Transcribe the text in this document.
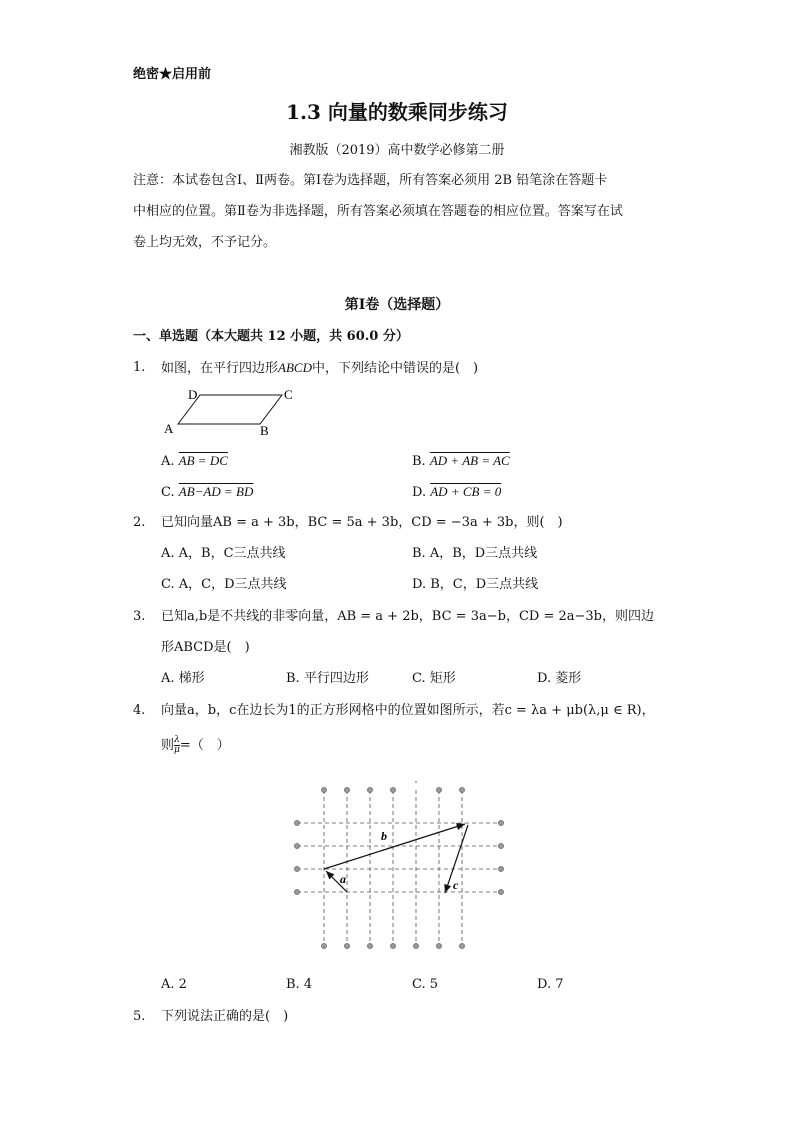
绝密★启用前
1.3 向量的数乘同步练习
湘教版（2019）高中数学必修第二册
注意：本试卷包含Ⅰ、Ⅱ两卷。第Ⅰ卷为选择题，所有答案必须用 2B 铅笔涂在答题卡
中相应的位置。第Ⅱ卷为非选择题，所有答案必须填在答题卷的相应位置。答案写在试
卷上均无效，不予记分。
第Ⅰ卷（选择题）
一、单选题（本大题共 12 小题，共 60.0 分）
1. 如图，在平行四边形ABCD中，下列结论中错误的是(　)
A	B
C
D
A. AB = DC	B. AD + AB = AC
C. AB−AD = BD	D. AD + CB = 0
2. 已知向量AB = a + 3b，BC = 5a + 3b，CD = −3a + 3b，则(　)
A. A，B，C三点共线	B. A，B，D三点共线
C. A，C，D三点共线	D. B，C，D三点共线
3. 已知a,b是不共线的非零向量，AB = a + 2b，BC = 3a−b，CD = 2a−3b，则四边
形ABCD是(　)
A. 梯形	B. 平行四边形	C. 矩形	D. 菱形
4. 向量a，b，c在边长为1的正方形网格中的位置如图所示，若c = λa + μb(λ,μ ∈ R)，
则 $\frac{\lambda}{\mu}$ =（　）
a
b
c
A. 2	B. 4	C. 5	D. 7
5. 下列说法正确的是(　)
